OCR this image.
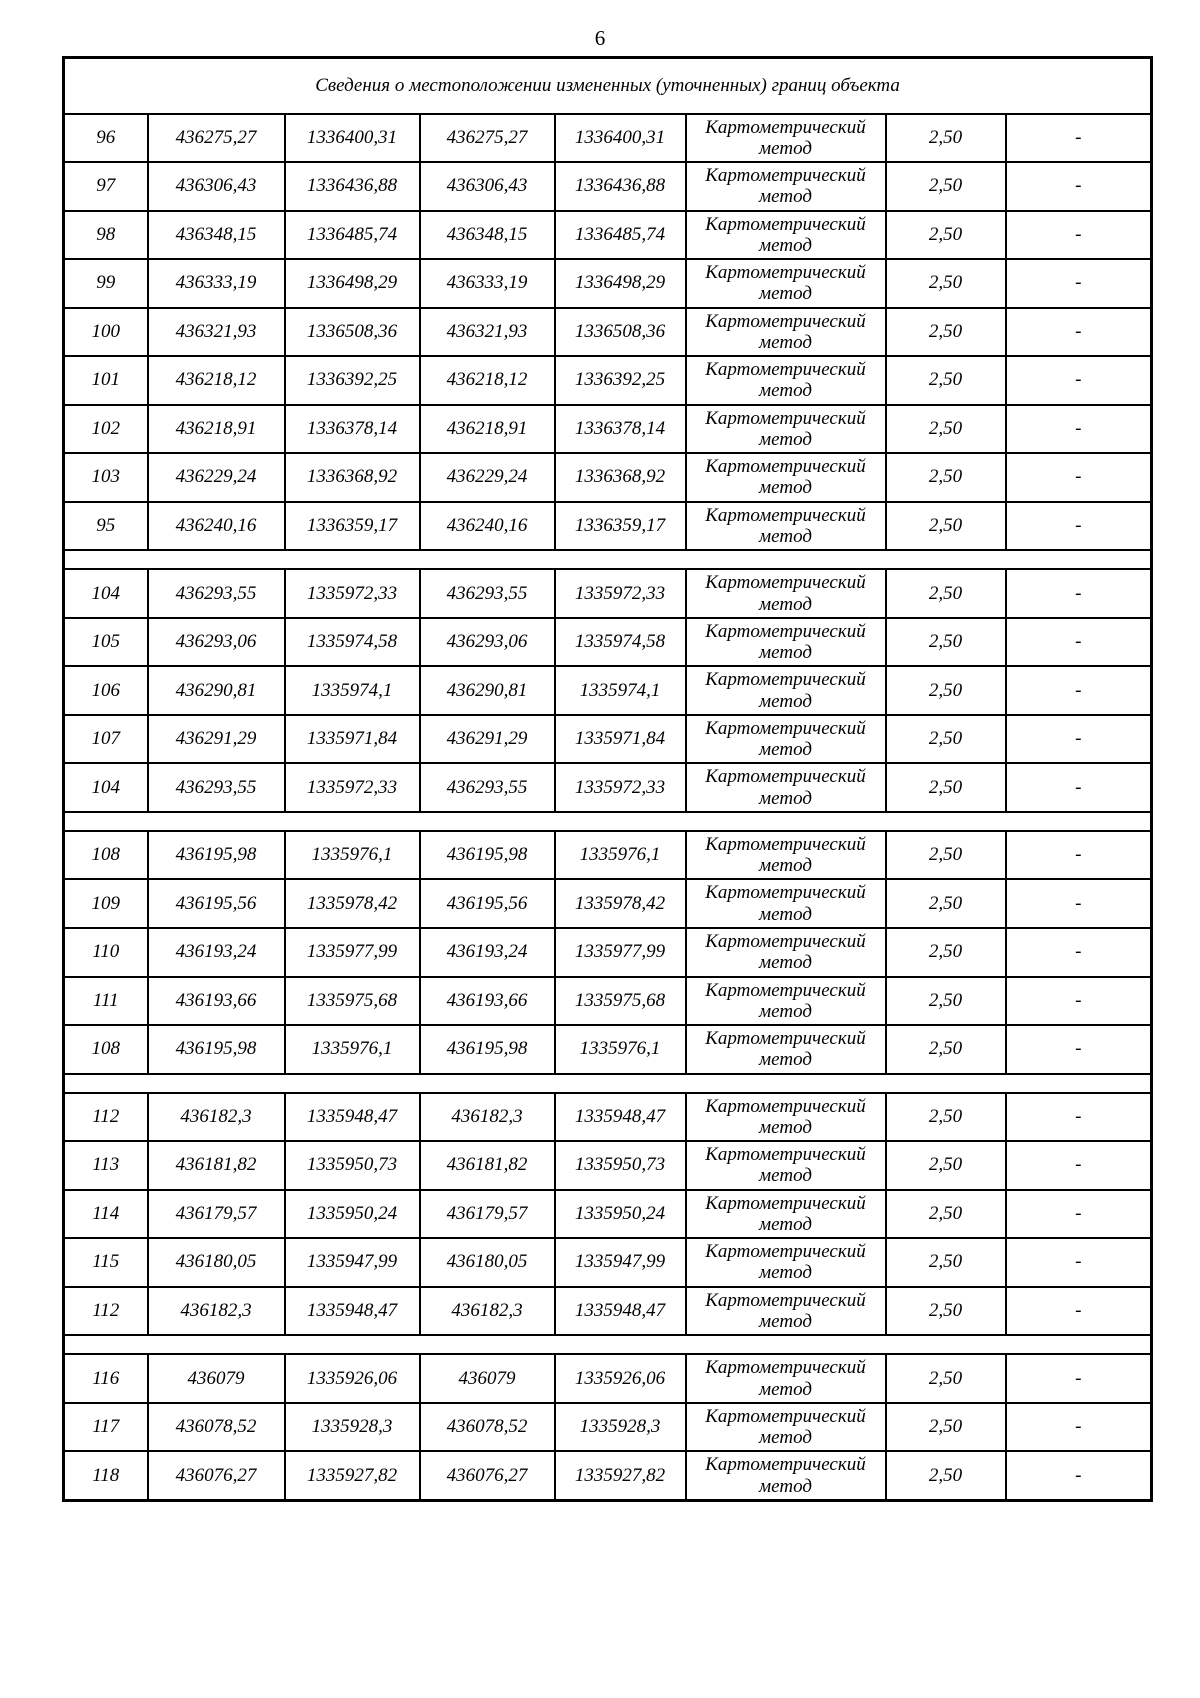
6
Сведения о местоположении измененных (уточненных) границ объекта							
96	436275,27	1336400,31	436275,27	1336400,31	Картометрический метод	2,50	-
97	436306,43	1336436,88	436306,43	1336436,88	Картометрический метод	2,50	-
98	436348,15	1336485,74	436348,15	1336485,74	Картометрический метод	2,50	-
99	436333,19	1336498,29	436333,19	1336498,29	Картометрический метод	2,50	-
100	436321,93	1336508,36	436321,93	1336508,36	Картометрический метод	2,50	-
101	436218,12	1336392,25	436218,12	1336392,25	Картометрический метод	2,50	-
102	436218,91	1336378,14	436218,91	1336378,14	Картометрический метод	2,50	-
103	436229,24	1336368,92	436229,24	1336368,92	Картометрический метод	2,50	-
95	436240,16	1336359,17	436240,16	1336359,17	Картометрический метод	2,50	-

104	436293,55	1335972,33	436293,55	1335972,33	Картометрический метод	2,50	-
105	436293,06	1335974,58	436293,06	1335974,58	Картометрический метод	2,50	-
106	436290,81	1335974,1	436290,81	1335974,1	Картометрический метод	2,50	-
107	436291,29	1335971,84	436291,29	1335971,84	Картометрический метод	2,50	-
104	436293,55	1335972,33	436293,55	1335972,33	Картометрический метод	2,50	-

108	436195,98	1335976,1	436195,98	1335976,1	Картометрический метод	2,50	-
109	436195,56	1335978,42	436195,56	1335978,42	Картометрический метод	2,50	-
110	436193,24	1335977,99	436193,24	1335977,99	Картометрический метод	2,50	-
111	436193,66	1335975,68	436193,66	1335975,68	Картометрический метод	2,50	-
108	436195,98	1335976,1	436195,98	1335976,1	Картометрический метод	2,50	-

112	436182,3	1335948,47	436182,3	1335948,47	Картометрический метод	2,50	-
113	436181,82	1335950,73	436181,82	1335950,73	Картометрический метод	2,50	-
114	436179,57	1335950,24	436179,57	1335950,24	Картометрический метод	2,50	-
115	436180,05	1335947,99	436180,05	1335947,99	Картометрический метод	2,50	-
112	436182,3	1335948,47	436182,3	1335948,47	Картометрический метод	2,50	-

116	436079	1335926,06	436079	1335926,06	Картометрический метод	2,50	-
117	436078,52	1335928,3	436078,52	1335928,3	Картометрический метод	2,50	-
118	436076,27	1335927,82	436076,27	1335927,82	Картометрический метод	2,50	-
